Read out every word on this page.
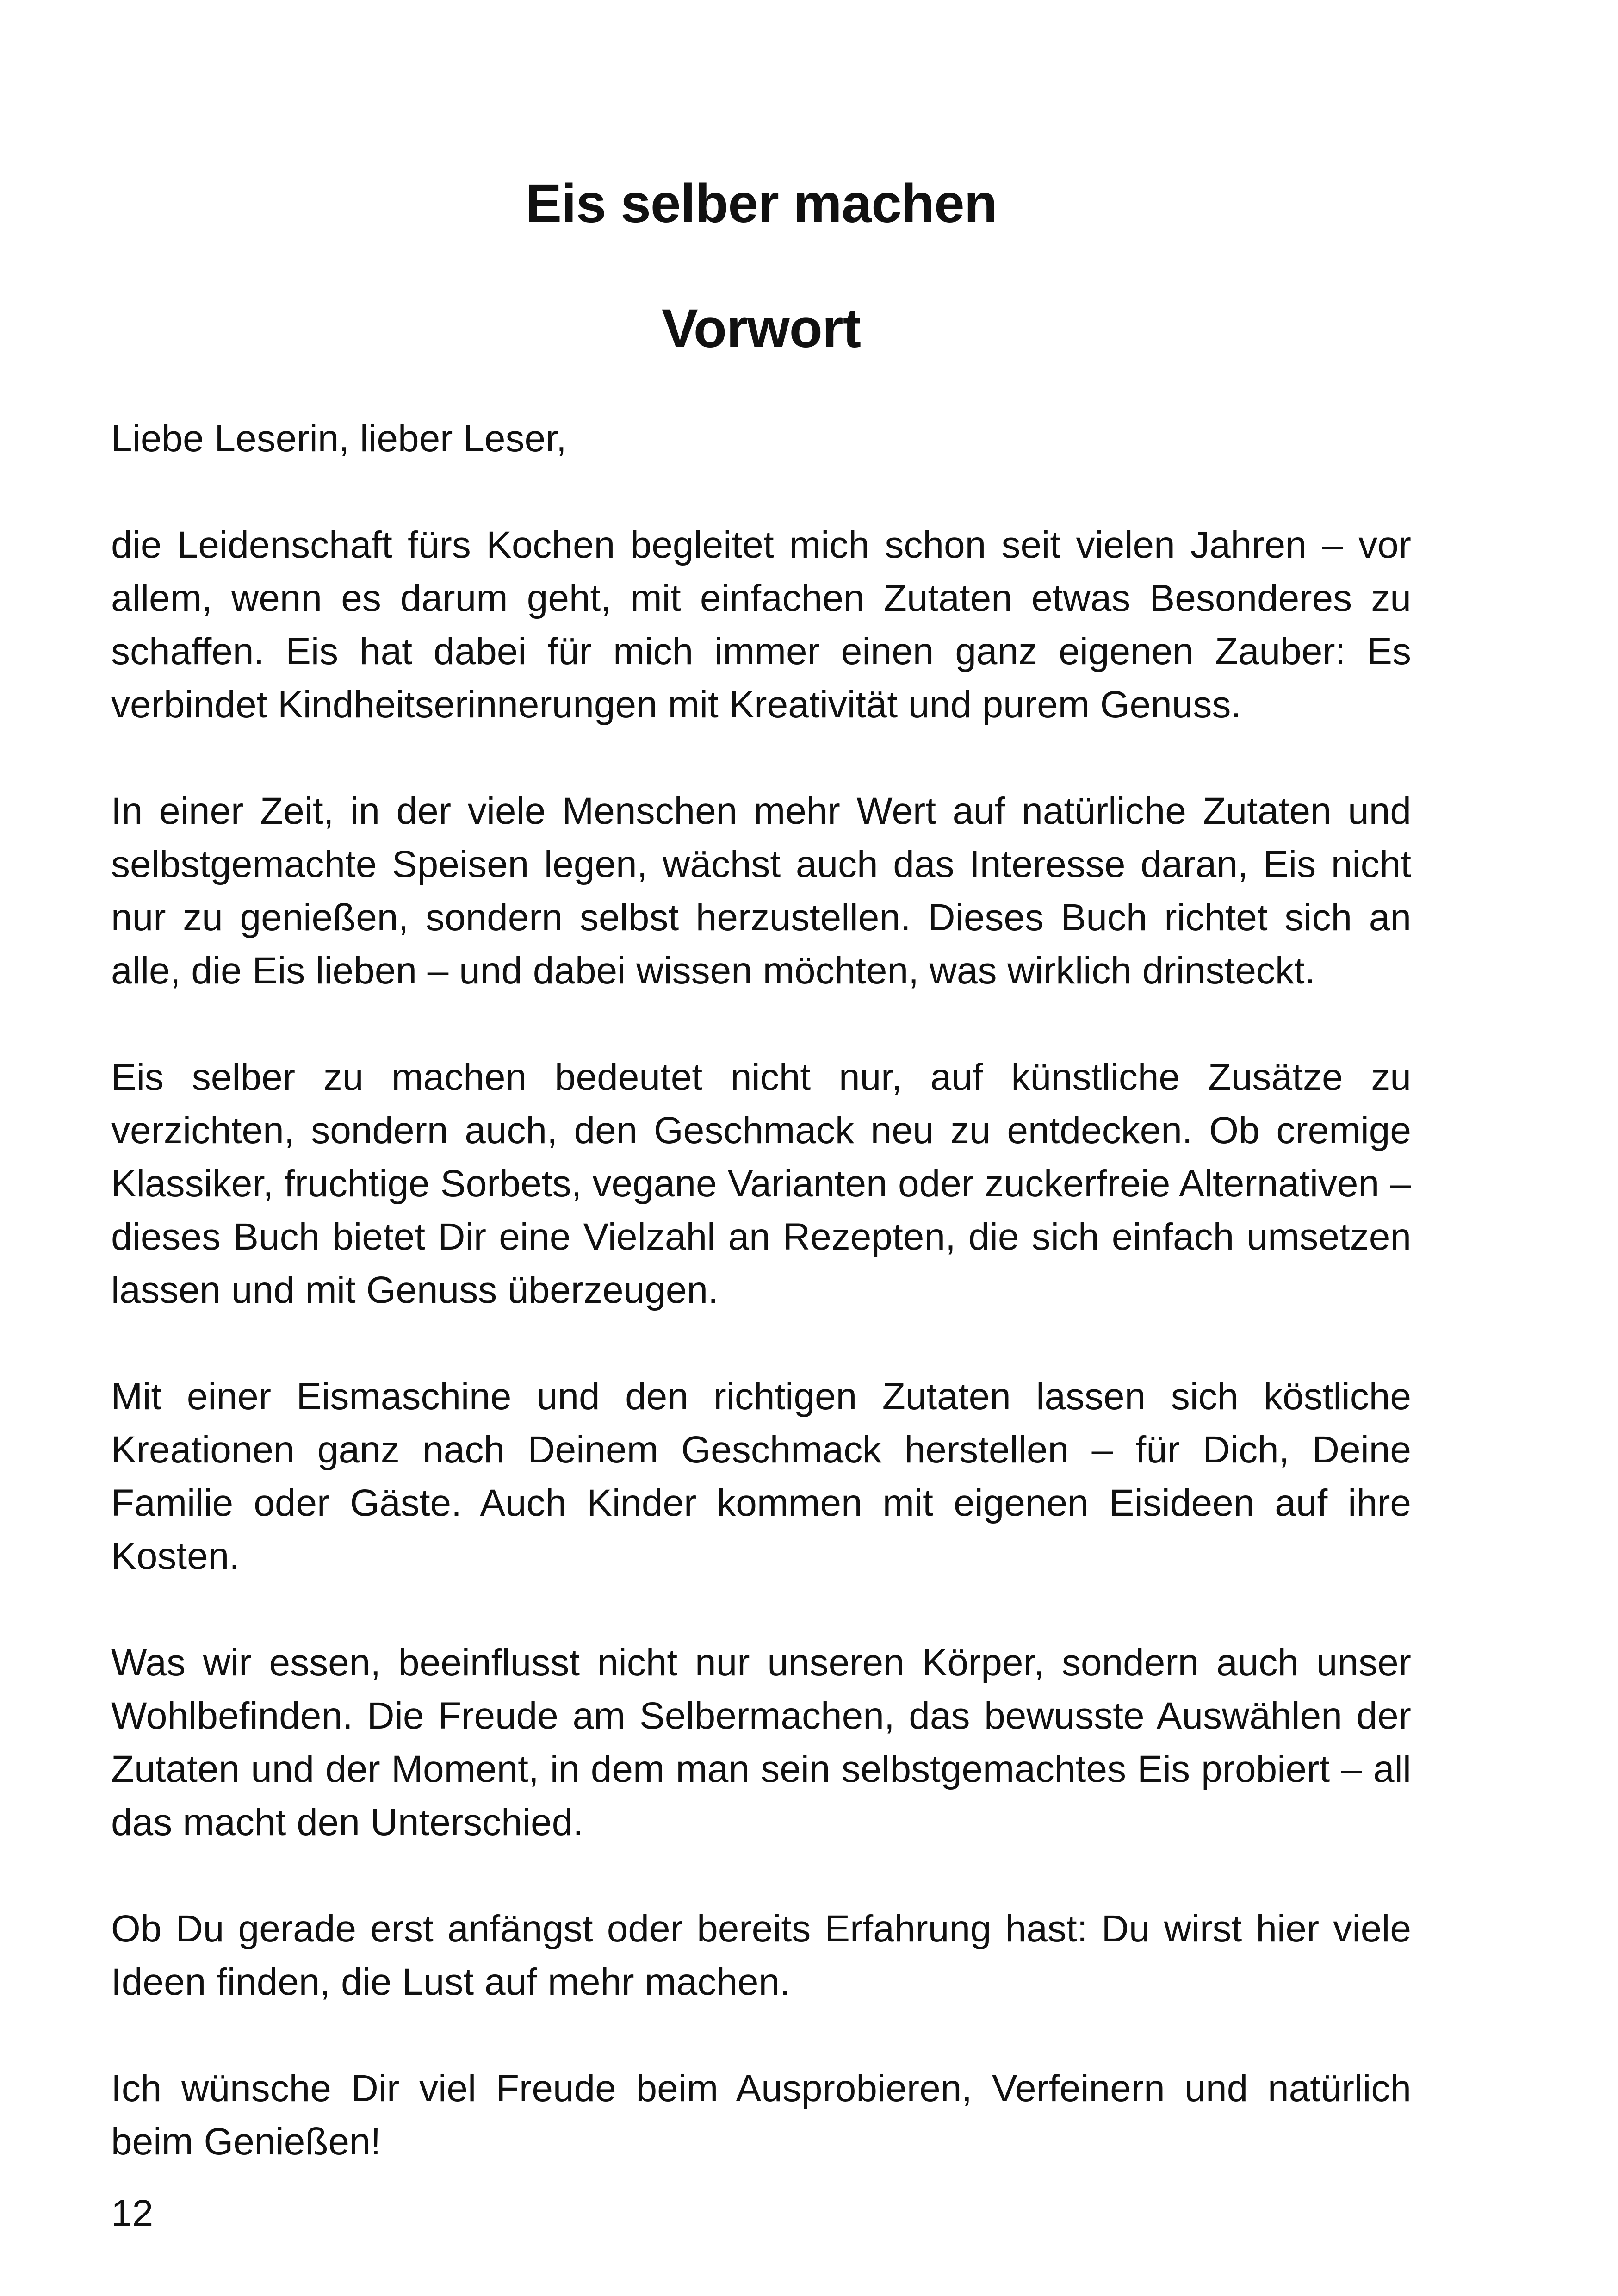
Eis selber machen
Vorwort

Liebe Leserin, lieber Leser,

die Leidenschaft fürs Kochen begleitet mich schon seit vielen Jahren – vor allem, wenn es darum geht, mit einfachen Zutaten etwas Besonderes zu schaffen. Eis hat dabei für mich immer einen ganz eigenen Zauber: Es verbindet Kindheitserinnerungen mit Kreativität und purem Genuss.

In einer Zeit, in der viele Menschen mehr Wert auf natürliche Zutaten und selbstgemachte Speisen legen, wächst auch das Interesse daran, Eis nicht nur zu genießen, sondern selbst herzustellen. Dieses Buch richtet sich an alle, die Eis lieben – und dabei wissen möchten, was wirklich drinsteckt.

Eis selber zu machen bedeutet nicht nur, auf künstliche Zusätze zu verzichten, sondern auch, den Geschmack neu zu entdecken. Ob cremige Klassiker, fruchtige Sorbets, vegane Varianten oder zuckerfreie Alternativen – dieses Buch bietet Dir eine Vielzahl an Rezepten, die sich einfach umsetzen lassen und mit Genuss überzeugen.

Mit einer Eismaschine und den richtigen Zutaten lassen sich köstliche Kreationen ganz nach Deinem Geschmack herstellen – für Dich, Deine Familie oder Gäste. Auch Kinder kommen mit eigenen Eisideen auf ihre Kosten.

Was wir essen, beeinflusst nicht nur unseren Körper, sondern auch unser Wohlbefinden. Die Freude am Selbermachen, das bewusste Auswählen der Zutaten und der Moment, in dem man sein selbstgemachtes Eis probiert – all das macht den Unterschied.

Ob Du gerade erst anfängst oder bereits Erfahrung hast: Du wirst hier viele Ideen finden, die Lust auf mehr machen.

Ich wünsche Dir viel Freude beim Ausprobieren, Verfeinern und natürlich beim Genießen!

12
